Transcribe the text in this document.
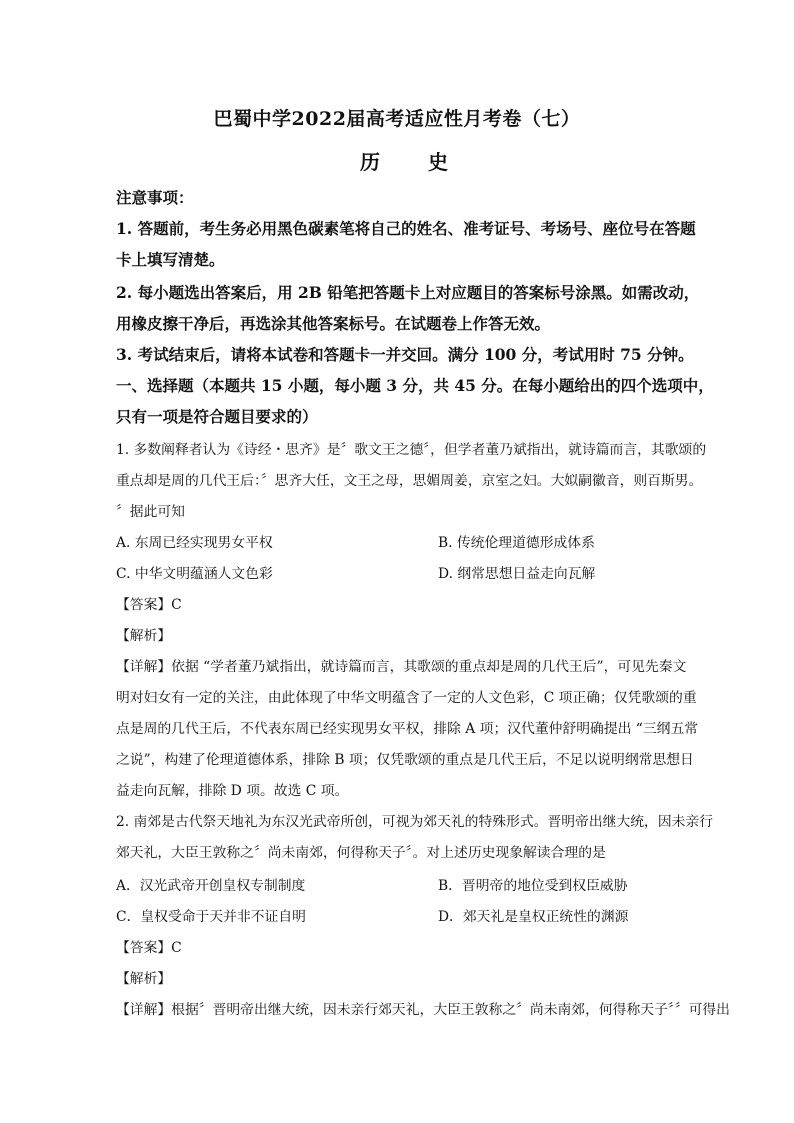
巴蜀中学2022届高考适应性月考卷（七）
历　史
注意事项：
1. 答题前，考生务必用黑色碳素笔将自己的姓名、准考证号、考场号、座位号在答题
卡上填写清楚。
2. 每小题选出答案后，用 2B 铅笔把答题卡上对应题目的答案标号涂黑。如需改动，
用橡皮擦干净后，再选涂其他答案标号。在试题卷上作答无效。
3. 考试结束后，请将本试卷和答题卡一并交回。满分 100 分，考试用时 75 分钟。
一、选择题（本题共 15 小题，每小题 3 分，共 45 分。在每小题给出的四个选项中，
只有一项是符合题目要求的）
1. 多数阐释者认为《诗经・思齐》是〞歌文王之德〞，但学者董乃斌指出，就诗篇而言，其歌颂的
重点却是周的几代王后：〞思齐大任，文王之母，思媚周姜，京室之妇。大姒嗣徽音，则百斯男。
〞据此可知
A. 东周已经实现男女平权	B. 传统伦理道德形成体系
C. 中华文明蕴涵人文色彩	D. 纲常思想日益走向瓦解
【答案】C
【解析】
【详解】依据 “学者董乃斌指出，就诗篇而言，其歌颂的重点却是周的几代王后”，可见先秦文
明对妇女有一定的关注，由此体现了中华文明蕴含了一定的人文色彩，C 项正确；仅凭歌颂的重
点是周的几代王后，不代表东周已经实现男女平权，排除 A 项；汉代董仲舒明确提出 “三纲五常
之说”，构建了伦理道德体系，排除 B 项；仅凭歌颂的重点是几代王后，不足以说明纲常思想日
益走向瓦解，排除 D 项。故选 C 项。
2. 南郊是古代祭天地礼为东汉光武帝所创，可视为郊天礼的特殊形式。晋明帝出继大统，因未亲行
郊天礼，大臣王敦称之〞尚未南郊，何得称天子〞。对上述历史现象解读合理的是
A．汉光武帝开创皇权专制制度	B．晋明帝的地位受到权臣威胁
C．皇权受命于天并非不证自明	D．郊天礼是皇权正统性的渊源
【答案】C
【解析】
【详解】根据〞晋明帝出继大统，因未亲行郊天礼，大臣王敦称之〞尚未南郊，何得称天子〞〞可得出
